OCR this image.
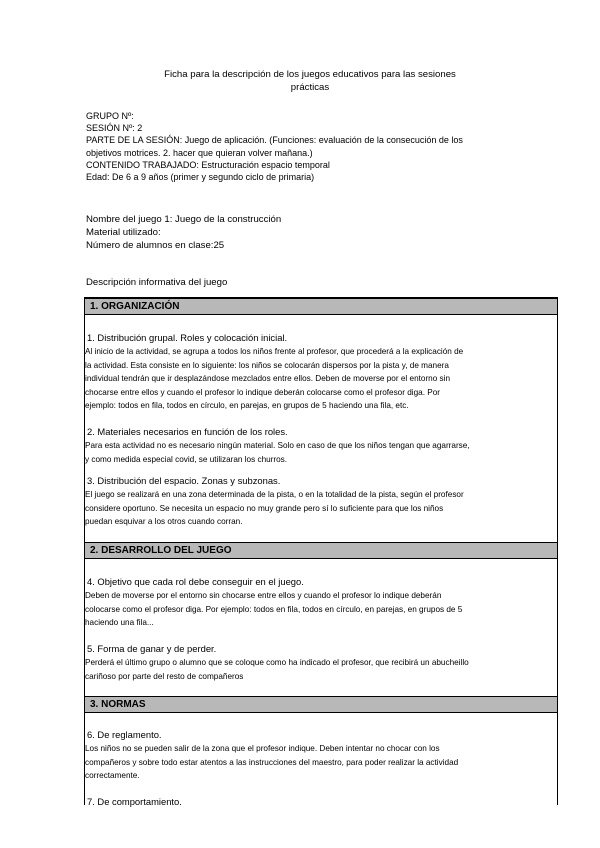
Ficha para la descripción de los juegos educativos para las sesiones
prácticas
GRUPO Nº:
SESIÓN Nº: 2
PARTE DE LA SESIÓN: Juego de aplicación. (Funciones: evaluación de la consecución de los
objetivos motrices. 2. hacer que quieran volver mañana.)
CONTENIDO TRABAJADO: Estructuración espacio temporal
Edad: De 6 a 9 años (primer y segundo ciclo de primaria)
Nombre del juego 1: Juego de la construcción
Material utilizado:
Número de alumnos en clase:25
Descripción informativa del juego
1. ORGANIZACIÓN
1. Distribución grupal. Roles y colocación inicial.
Al inicio de la actividad, se agrupa a todos los niños frente al profesor, que procederá a la explicación de
la actividad. Esta consiste en lo siguiente: los niños se colocarán dispersos por la pista y, de manera
individual tendrán que ir desplazándose mezclados entre ellos. Deben de moverse por el entorno sin
chocarse entre ellos y cuando el profesor lo indique deberán colocarse como el profesor diga. Por
ejemplo: todos en fila, todos en círculo, en parejas, en grupos de 5 haciendo una fila, etc.
2. Materiales necesarios en función de los roles.
Para esta actividad no es necesario ningún material. Solo en caso de que los niños tengan que agarrarse,
y como medida especial covid, se utilizaran los churros.
3. Distribución del espacio. Zonas y subzonas.
El juego se realizará en una zona determinada de la pista, o en la totalidad de la pista, según el profesor
considere oportuno. Se necesita un espacio no muy grande pero sí lo suficiente para que los niños
puedan esquivar a los otros cuando corran.
2. DESARROLLO DEL JUEGO
4. Objetivo que cada rol debe conseguir en el juego.
Deben de moverse por el entorno sin chocarse entre ellos y cuando el profesor lo indique deberán
colocarse como el profesor diga. Por ejemplo: todos en fila, todos en círculo, en parejas, en grupos de 5
haciendo una fila...
5. Forma de ganar y de perder.
Perderá el último grupo o alumno que se coloque como ha indicado el profesor, que recibirá un abucheillo
cariñoso por parte del resto de compañeros
3. NORMAS
6. De reglamento.
Los niños no se pueden salir de la zona que el profesor indique. Deben intentar no chocar con los
compañeros y sobre todo estar atentos a las instrucciones del maestro, para poder realizar la actividad
correctamente.
7. De comportamiento.
